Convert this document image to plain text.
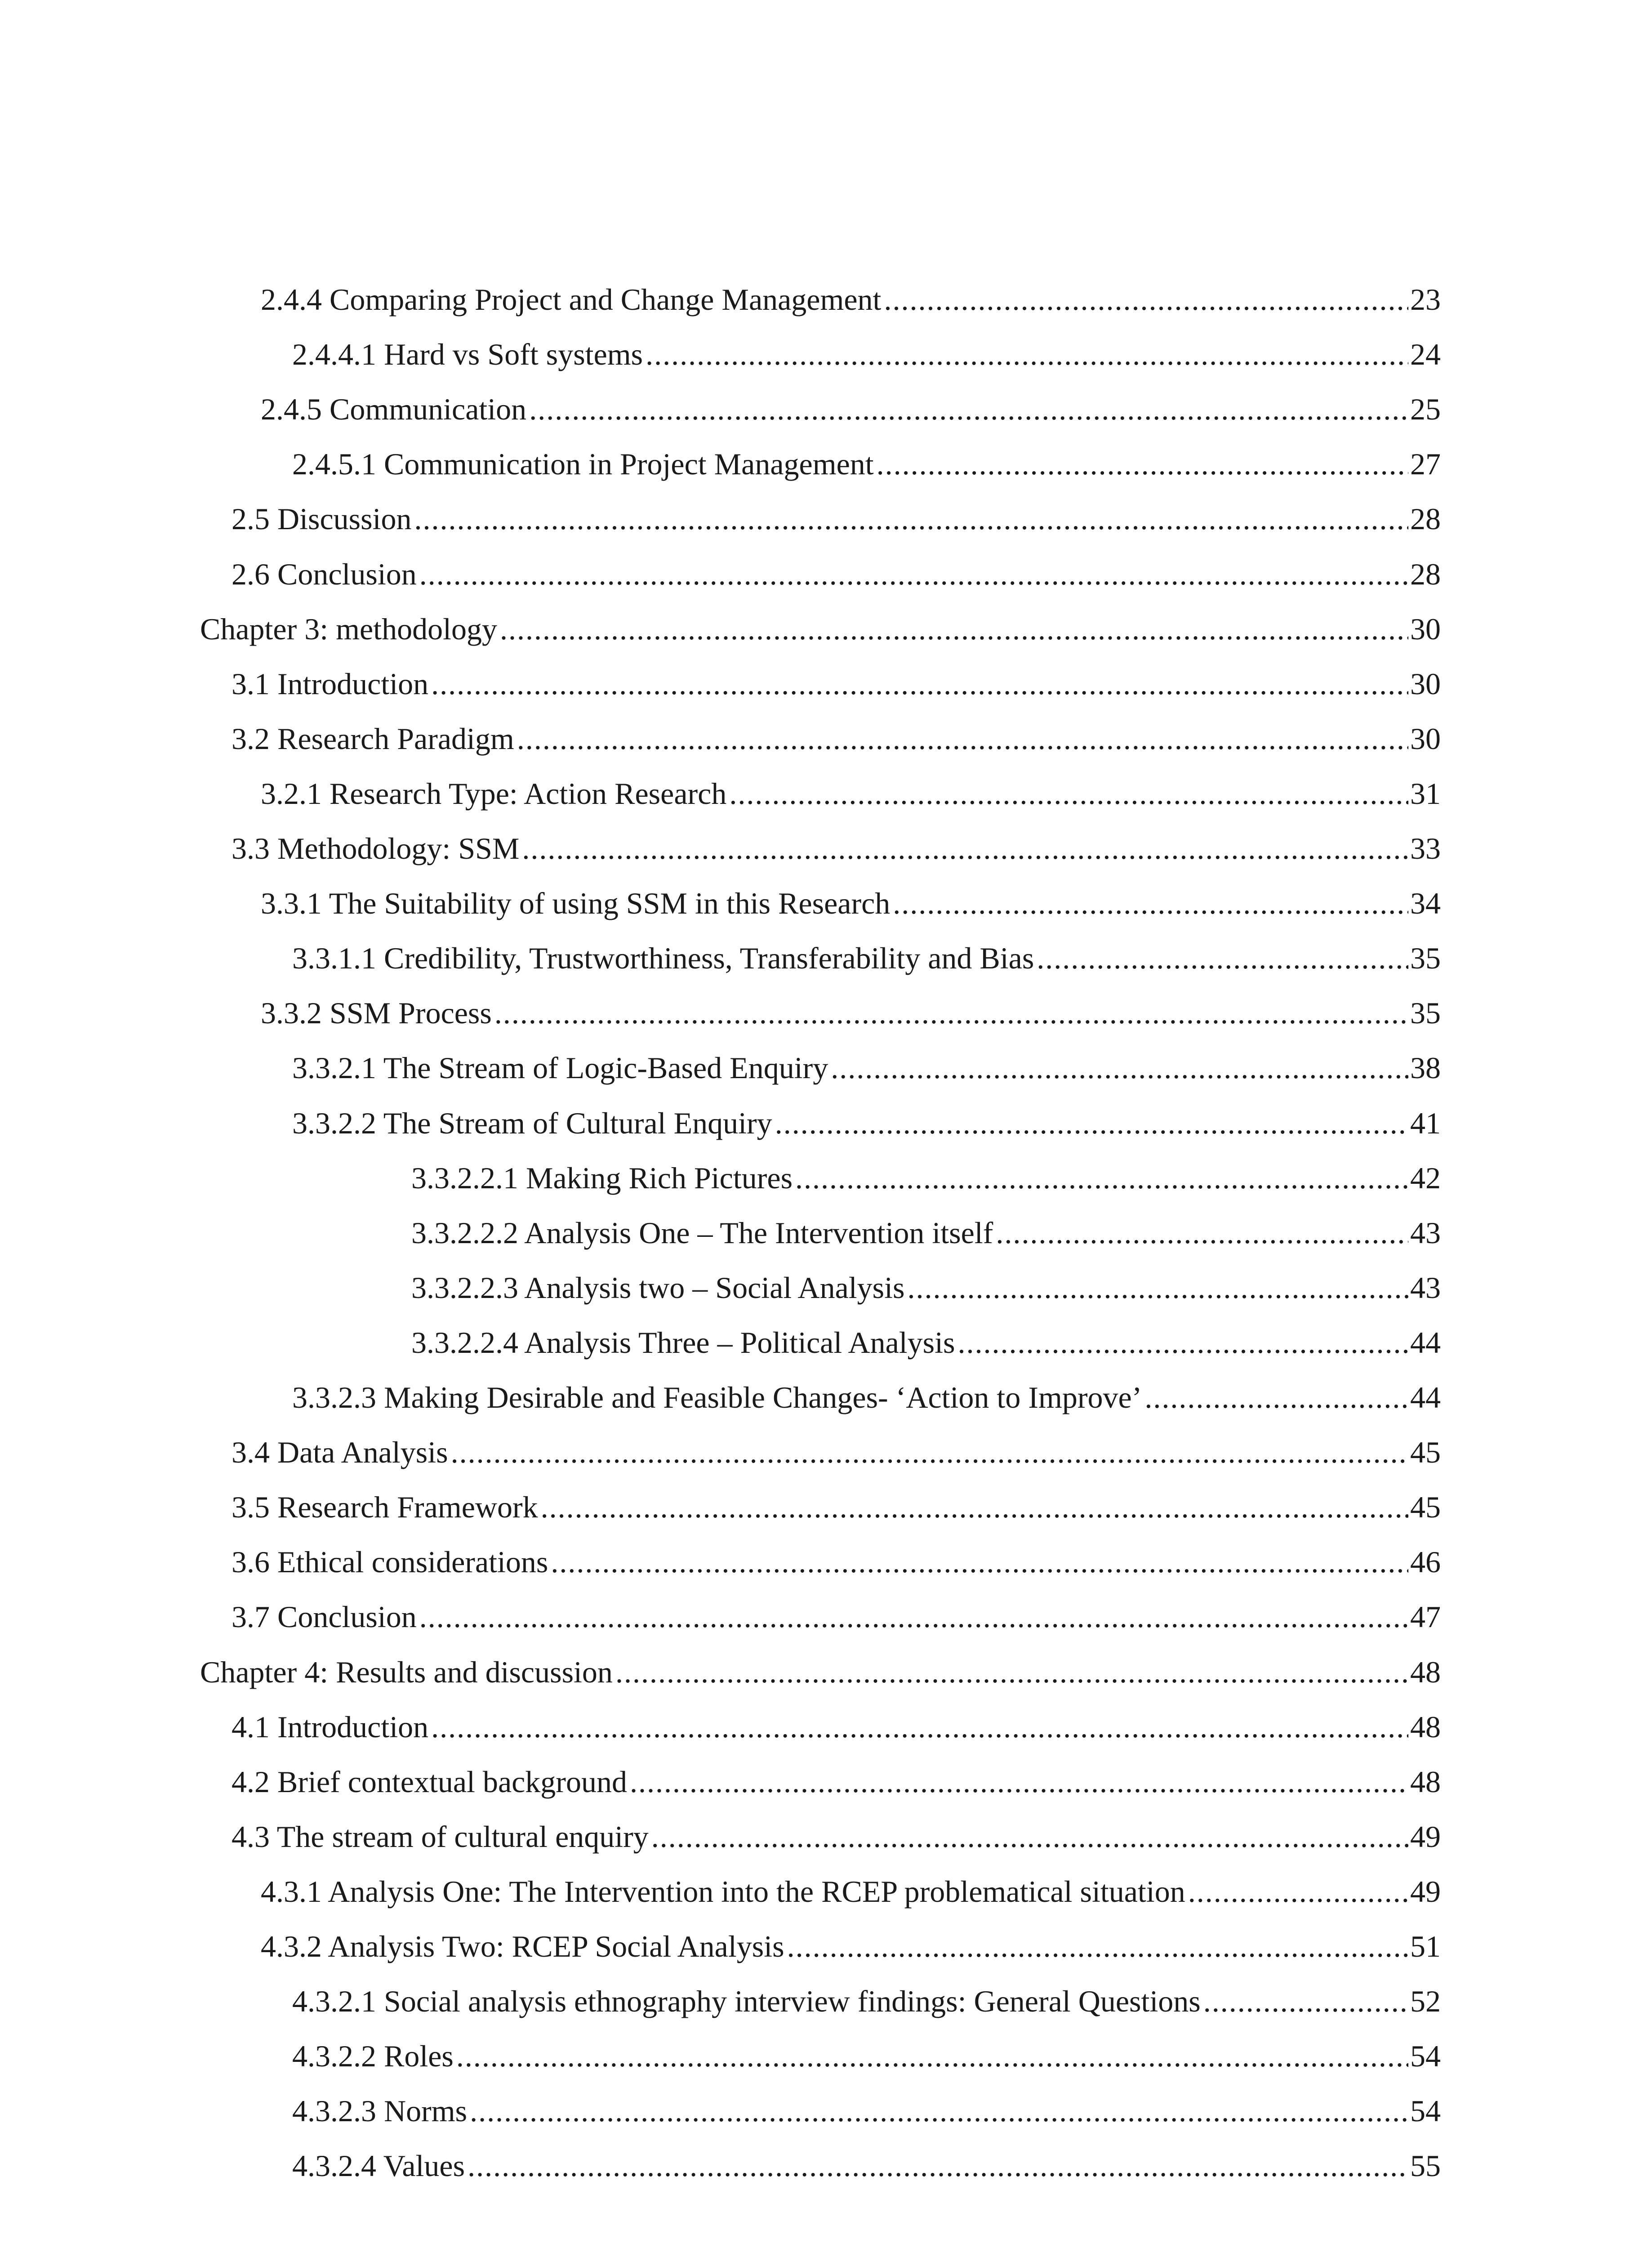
2.4.4 Comparing Project and Change Management .....	23
2.4.4.1 Hard vs Soft systems .....	24
2.4.5 Communication .....	25
2.4.5.1 Communication in Project Management .....	27
2.5 Discussion .....	28
2.6 Conclusion .....	28
Chapter 3: methodology .....	30
3.1 Introduction .....	30
3.2 Research Paradigm .....	30
3.2.1 Research Type: Action Research .....	31
3.3 Methodology: SSM .....	33
3.3.1 The Suitability of using SSM in this Research .....	34
3.3.1.1 Credibility, Trustworthiness, Transferability and Bias .....	35
3.3.2 SSM Process .....	35
3.3.2.1 The Stream of Logic-Based Enquiry .....	38
3.3.2.2 The Stream of Cultural Enquiry .....	41
3.3.2.2.1 Making Rich Pictures .....	42
3.3.2.2.2 Analysis One – The Intervention itself .....	43
3.3.2.2.3 Analysis two – Social Analysis .....	43
3.3.2.2.4 Analysis Three – Political Analysis .....	44
3.3.2.3 Making Desirable and Feasible Changes- ‘Action to Improve’ .....	44
3.4 Data Analysis .....	45
3.5 Research Framework .....	45
3.6 Ethical considerations .....	46
3.7 Conclusion .....	47
Chapter 4: Results and discussion .....	48
4.1 Introduction .....	48
4.2 Brief contextual background .....	48
4.3 The stream of cultural enquiry .....	49
4.3.1 Analysis One: The Intervention into the RCEP problematical situation .....	49
4.3.2 Analysis Two: RCEP Social Analysis .....	51
4.3.2.1 Social analysis ethnography interview findings: General Questions .....	52
4.3.2.2 Roles .....	54
4.3.2.3 Norms .....	54
4.3.2.4 Values .....	55
